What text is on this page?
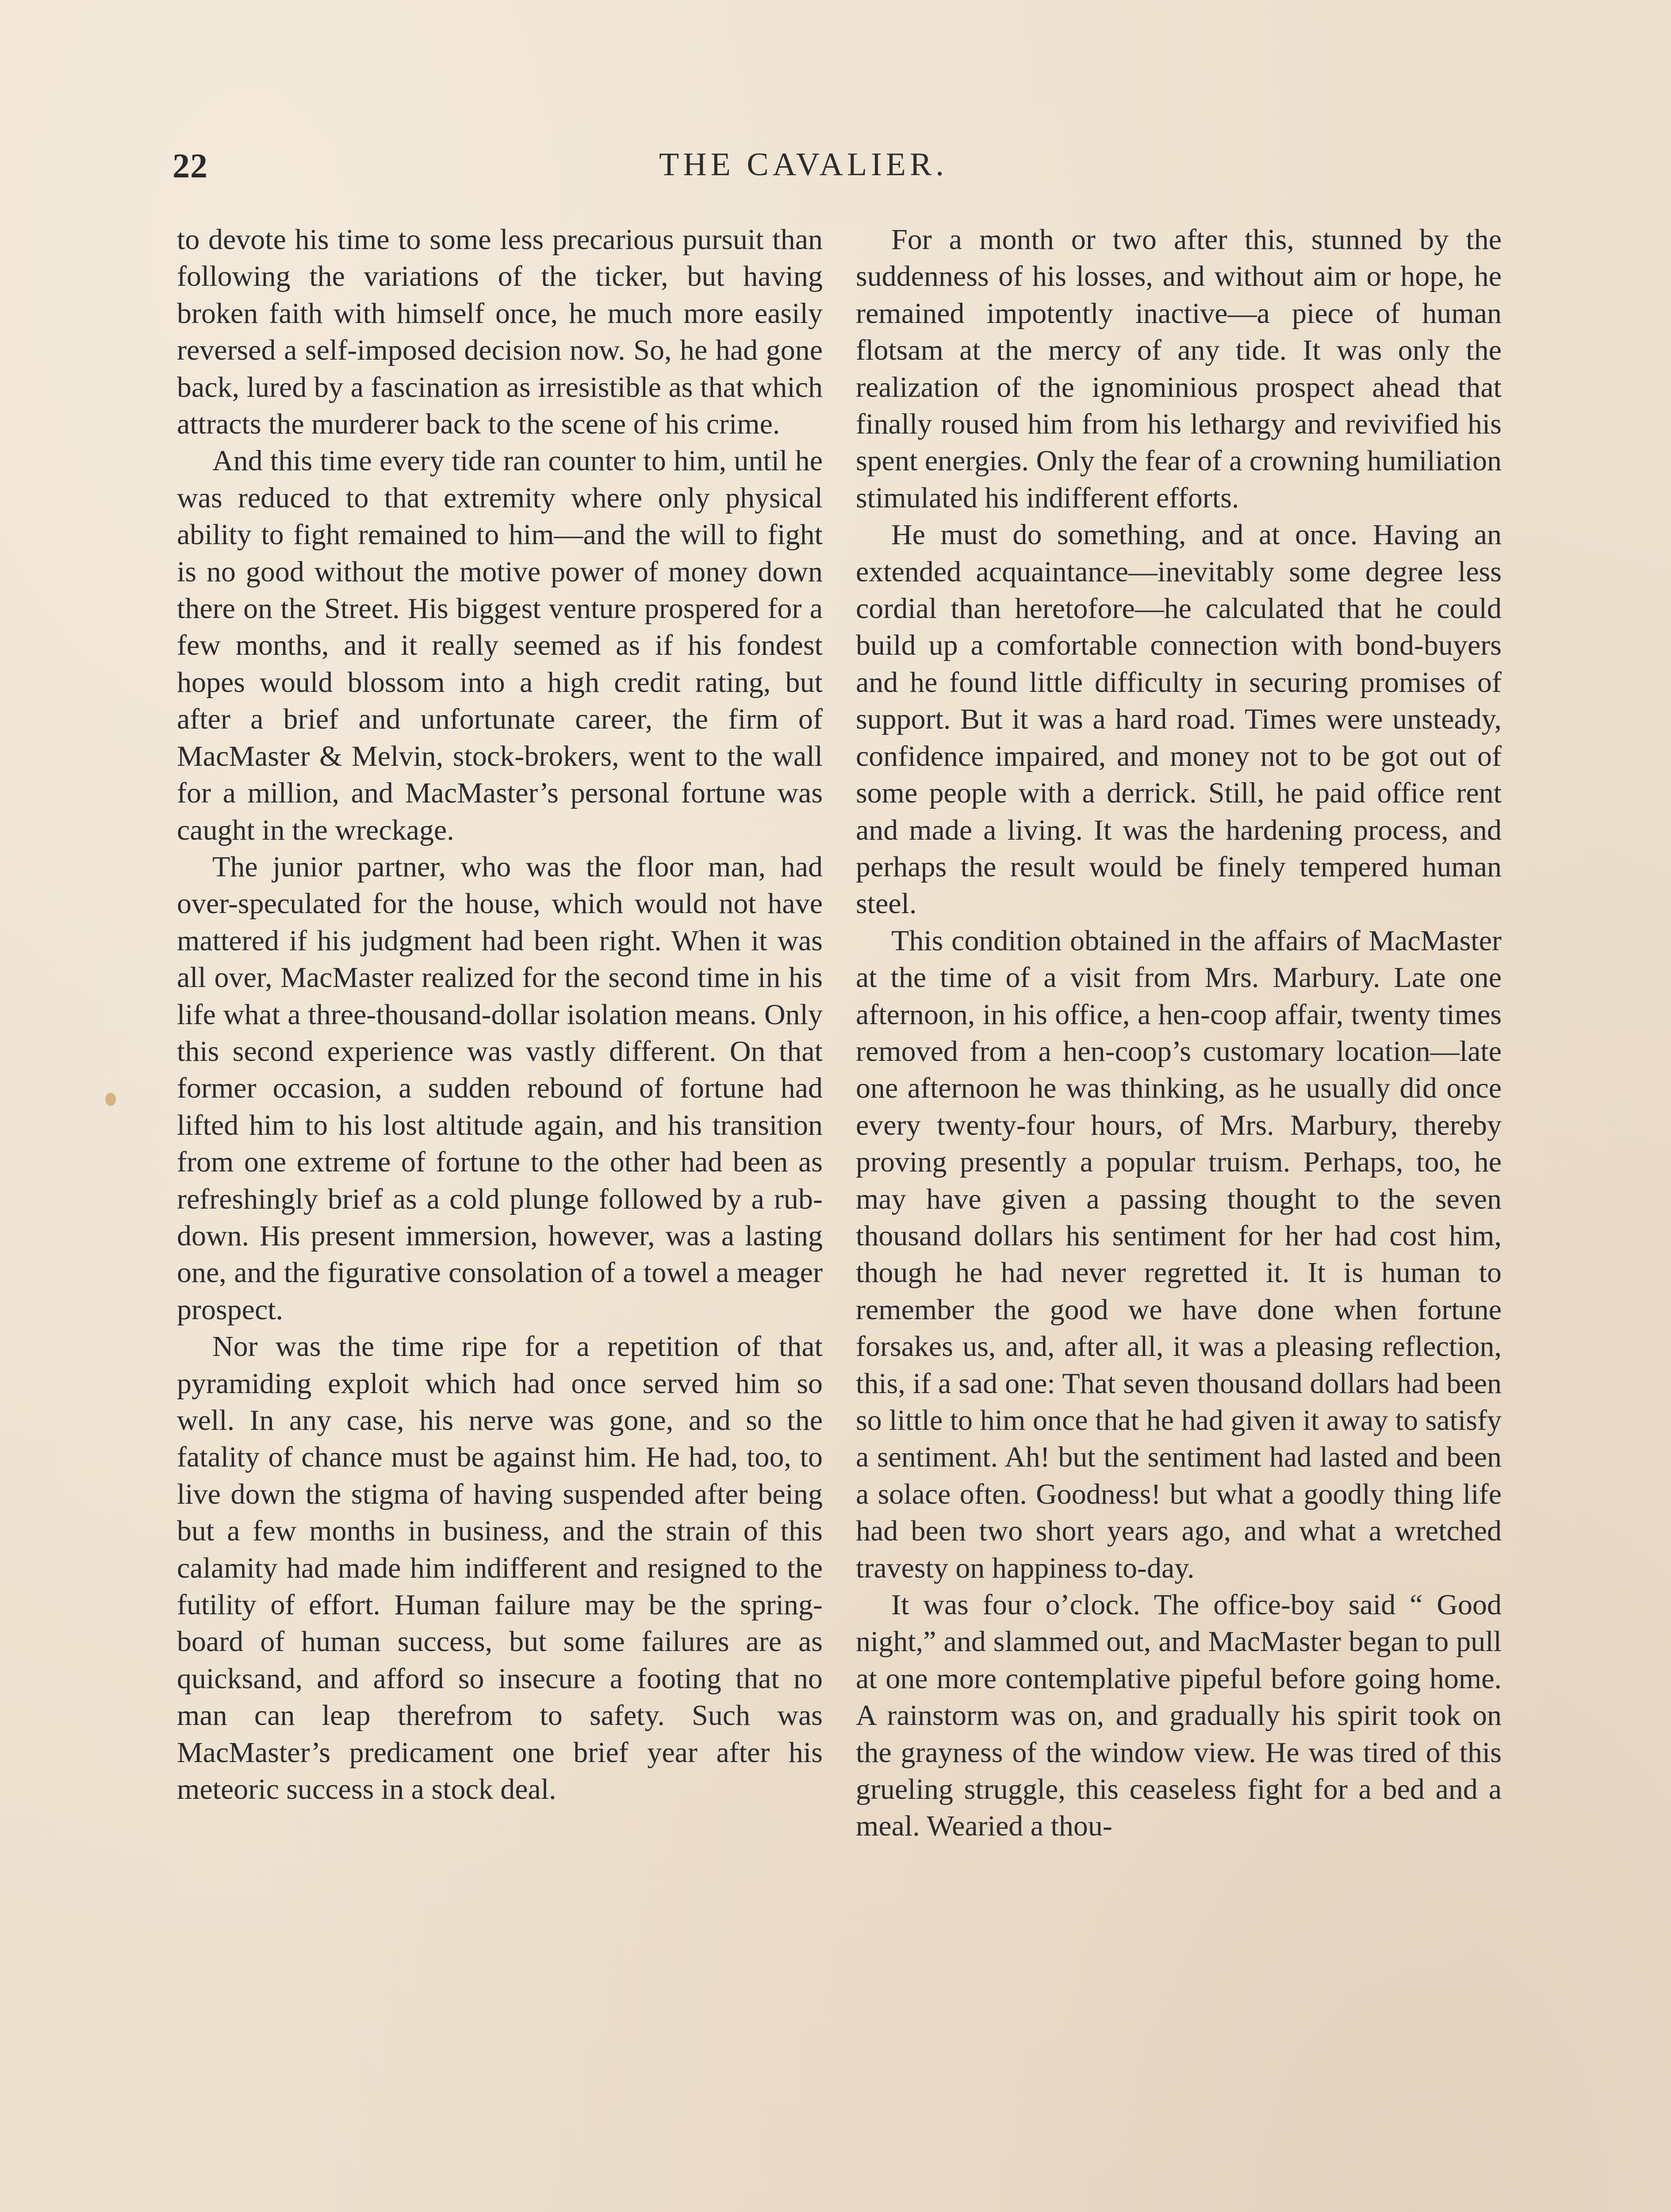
22	THE CAVALIER.

to devote his time to some less precarious pursuit than following the variations of the ticker, but having broken faith with himself once, he much more easily reversed a self-imposed decision now. So, he had gone back, lured by a fascination as irresistible as that which attracts the murderer back to the scene of his crime.

And this time every tide ran counter to him, until he was reduced to that extremity where only physical ability to fight remained to him—and the will to fight is no good without the motive power of money down there on the Street. His biggest venture prospered for a few months, and it really seemed as if his fondest hopes would blossom into a high credit rating, but after a brief and unfortunate career, the firm of MacMaster & Melvin, stock-brokers, went to the wall for a million, and MacMaster’s personal fortune was caught in the wreckage.

The junior partner, who was the floor man, had over-speculated for the house, which would not have mattered if his judgment had been right. When it was all over, MacMaster realized for the second time in his life what a three-thousand-dollar isolation means. Only this second experience was vastly different. On that former occasion, a sudden rebound of fortune had lifted him to his lost altitude again, and his transition from one extreme of fortune to the other had been as refreshingly brief as a cold plunge followed by a rub-down. His present immersion, however, was a lasting one, and the figurative consolation of a towel a meager prospect.

Nor was the time ripe for a repetition of that pyramiding exploit which had once served him so well. In any case, his nerve was gone, and so the fatality of chance must be against him. He had, too, to live down the stigma of having suspended after being but a few months in business, and the strain of this calamity had made him indifferent and resigned to the futility of effort. Human failure may be the spring-board of human success, but some failures are as quicksand, and afford so insecure a footing that no man can leap therefrom to safety. Such was MacMaster’s predicament one brief year after his meteoric success in a stock deal.

For a month or two after this, stunned by the suddenness of his losses, and without aim or hope, he remained impotently inactive—a piece of human flotsam at the mercy of any tide. It was only the realization of the ignominious prospect ahead that finally roused him from his lethargy and revivified his spent energies. Only the fear of a crowning humiliation stimulated his indifferent efforts.

He must do something, and at once. Having an extended acquaintance—inevitably some degree less cordial than heretofore—he calculated that he could build up a comfortable connection with bond-buyers and he found little difficulty in securing promises of support. But it was a hard road. Times were unsteady, confidence impaired, and money not to be got out of some people with a derrick. Still, he paid office rent and made a living. It was the hardening process, and perhaps the result would be finely tempered human steel.

This condition obtained in the affairs of MacMaster at the time of a visit from Mrs. Marbury. Late one afternoon, in his office, a hen-coop affair, twenty times removed from a hen-coop’s customary location—late one afternoon he was thinking, as he usually did once every twenty-four hours, of Mrs. Marbury, thereby proving presently a popular truism. Perhaps, too, he may have given a passing thought to the seven thousand dollars his sentiment for her had cost him, though he had never regretted it. It is human to remember the good we have done when fortune forsakes us, and, after all, it was a pleasing reflection, this, if a sad one: That seven thousand dollars had been so little to him once that he had given it away to satisfy a sentiment. Ah! but the sentiment had lasted and been a solace often. Goodness! but what a goodly thing life had been two short years ago, and what a wretched travesty on happiness to-day.

It was four o’clock. The office-boy said “ Good night,” and slammed out, and MacMaster began to pull at one more contemplative pipeful before going home. A rainstorm was on, and gradually his spirit took on the grayness of the window view. He was tired of this grueling struggle, this ceaseless fight for a bed and a meal. Wearied a thou-
